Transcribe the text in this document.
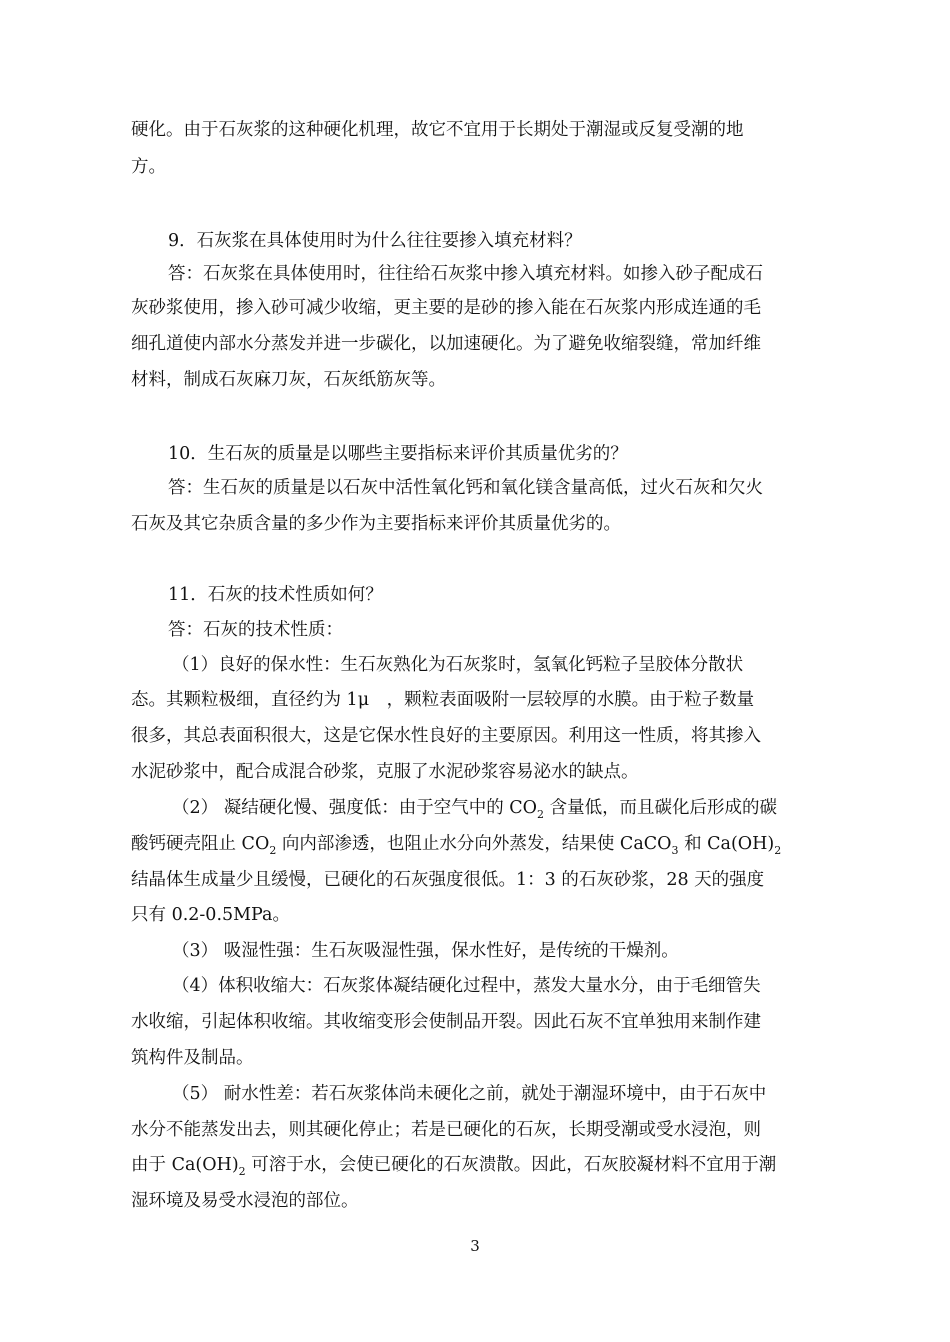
硬化。由于石灰浆的这种硬化机理，故它不宜用于长期处于潮湿或反复受潮的地
方。
9．石灰浆在具体使用时为什么往往要掺入填充材料？
答：石灰浆在具体使用时，往往给石灰浆中掺入填充材料。如掺入砂子配成石
灰砂浆使用，掺入砂可减少收缩，更主要的是砂的掺入能在石灰浆内形成连通的毛
细孔道使内部水分蒸发并进一步碳化，以加速硬化。为了避免收缩裂缝，常加纤维
材料，制成石灰麻刀灰，石灰纸筋灰等。
10．生石灰的质量是以哪些主要指标来评价其质量优劣的？
答：生石灰的质量是以石灰中活性氧化钙和氧化镁含量高低，过火石灰和欠火
石灰及其它杂质含量的多少作为主要指标来评价其质量优劣的。
11．石灰的技术性质如何？
答：石灰的技术性质：
（1）良好的保水性：生石灰熟化为石灰浆时，氢氧化钙粒子呈胶体分散状
态。其颗粒极细，直径约为 1μ　，颗粒表面吸附一层较厚的水膜。由于粒子数量
很多，其总表面积很大，这是它保水性良好的主要原因。利用这一性质，将其掺入
水泥砂浆中，配合成混合砂浆，克服了水泥砂浆容易泌水的缺点。
（2） 凝结硬化慢、强度低：由于空气中的 $CO_2$ 含量低，而且碳化后形成的碳
酸钙硬壳阻止 $CO_2$ 向内部渗透，也阻止水分向外蒸发，结果使 CaCO$_3$ 和 $Ca(OH)_2$
结晶体生成量少且缓慢，已硬化的石灰强度很低。1：3 的石灰砂浆，28 天的强度
只有 0.2-0.5MPa。
（3） 吸湿性强：生石灰吸湿性强，保水性好，是传统的干燥剂。
（4）体积收缩大：石灰浆体凝结硬化过程中，蒸发大量水分，由于毛细管失
水收缩，引起体积收缩。其收缩变形会使制品开裂。因此石灰不宜单独用来制作建
筑构件及制品。
（5） 耐水性差：若石灰浆体尚未硬化之前，就处于潮湿环境中，由于石灰中
水分不能蒸发出去，则其硬化停止；若是已硬化的石灰，长期受潮或受水浸泡，则
由于 $Ca(OH)_2$ 可溶于水，会使已硬化的石灰溃散。因此，石灰胶凝材料不宜用于潮
湿环境及易受水浸泡的部位。
3
